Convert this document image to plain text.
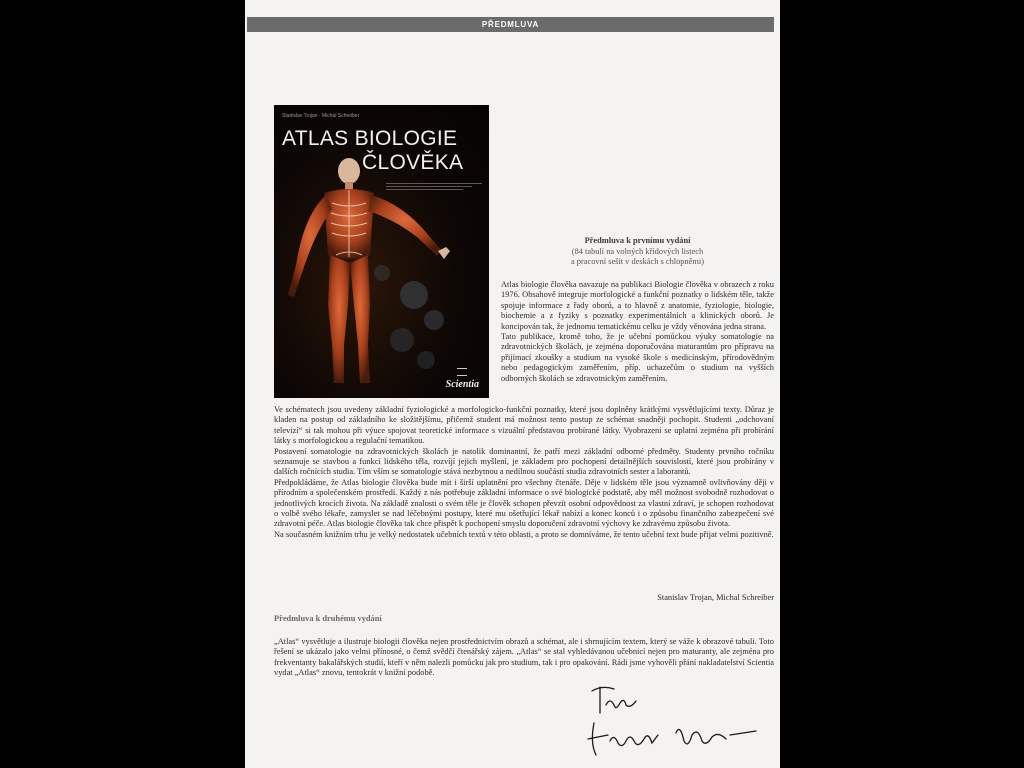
PŘEDMLUVA
Stanislav Trojan · Michal Schreiber
ATLAS BIOLOGIE
ČLOVĚKA
Scientia
Předmluva k prvnímu vydání
(84 tabulí na volných křídových listech
a pracovní sešit v deskách s chlopněmi)

Atlas biologie člověka navazuje na publikaci Biologie člověka v obrazech z roku 1976. Obsahově integruje morfologické a funkční poznatky o lidském těle, takže spojuje informace z řady oborů, a to hlavně z anatomie, fyziologie, biologie, biochemie a z fyziky s poznatky experimentálních a klinických oborů. Je koncipován tak, že jednomu tematickému celku je vždy věnována jedna strana.

Tato publikace, kromě toho, že je učební pomůckou výuky somatologie na zdravotnických školách, je zejména doporučována maturantům pro přípravu na přijímací zkoušky a studium na vysoké škole s medicínským, přírodovědným nebo pedagogickým zaměřením, příp. uchazečům o studium na vyšších odborných školách se zdravotnickým zaměřením.

Ve schématech jsou uvedeny základní fyziologické a morfologicko-funkční poznatky, které jsou doplněny krátkými vysvětlujícími texty. Důraz je kladen na postup od základního ke složitějšímu, přičemž student má možnost tento postup ze schémat snadněji pochopit. Studenti „odchovaní televizí“ si tak mohou při výuce spojovat teoretické informace s vizuální představou probírané látky. Vyobrazení se uplatní zejména při probírání látky s morfologickou a regulační tematikou.

Postavení somatologie na zdravotnických školách je natolik dominantní, že patří mezi základní odborné předměty. Studenty prvního ročníku seznamuje se stavbou a funkcí lidského těla, rozvíjí jejich myšlení, je základem pro pochopení detailnějších souvislostí, které jsou probírány v dalších ročnících studia. Tím vším se somatologie stává nezbytnou a nedílnou součástí studia zdravotních sester a laborantů.

Předpokládáme, že Atlas biologie člověka bude mít i širší uplatnění pro všechny čtenáře. Děje v lidském těle jsou významně ovlivňovány ději v přírodním a společenském prostředí. Každý z nás potřebuje základní informace o své biologické podstatě, aby měl možnost svobodně rozhodovat o jednotlivých krocích života. Na základě znalosti o svém těle je člověk schopen převzít osobní odpovědnost za vlastní zdraví, je schopen rozhodovat o volbě svého lékaře, zamyslet se nad léčebnými postupy, které mu ošetřující lékař nabízí a konec konců i o způsobu finančního zabezpečení své zdravotní péče. Atlas biologie člověka tak chce přispět k pochopení smyslu doporučení zdravotní výchovy ke zdravému způsobu života.

Na současném knižním trhu je velký nedostatek učebních textů v této oblasti, a proto se domníváme, že tento učební text bude přijat velmi pozitivně.

Stanislav Trojan, Michal Schreiber
Předmluva k druhému vydání

„Atlas“ vysvětluje a ilustruje biologii člověka nejen prostřednictvím obrazů a schémat, ale i shrnujícím textem, který se váže k obrazové tabuli. Toto řešení se ukázalo jako velmi přínosné, o čemž svědčí čtenářský zájem. „Atlas“ se stal vyhledávanou učebnicí nejen pro maturanty, ale zejména pro frekventanty bakalářských studií, kteří v něm nalezli pomůcku jak pro studium, tak i pro opakování. Rádi jsme vyhověli přání nakladatelství Scientia vydat „Atlas“ znovu, tentokrát v knižní podobě.
